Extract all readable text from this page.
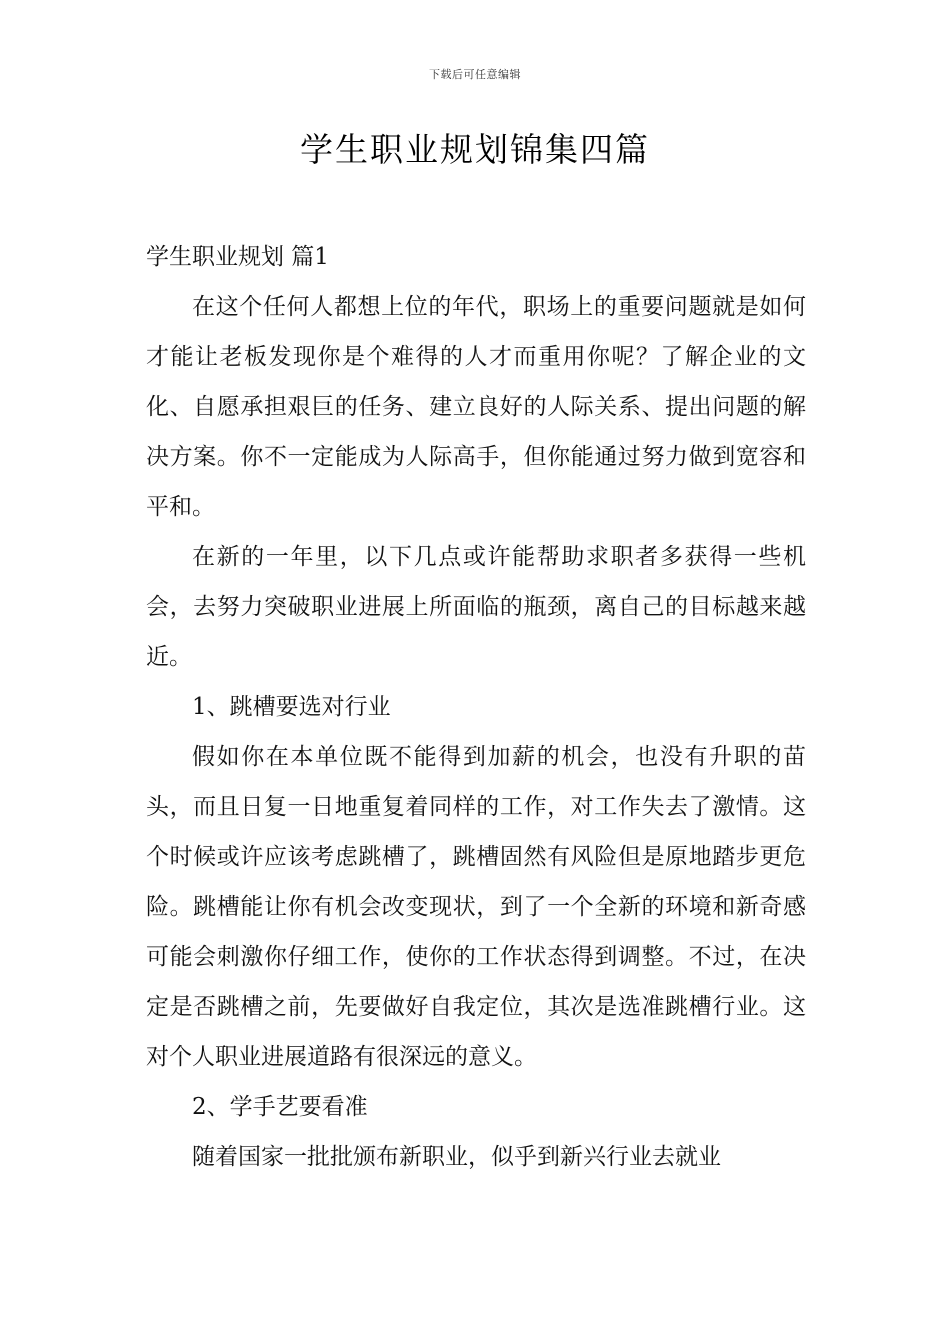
下载后可任意编辑
学生职业规划锦集四篇

学生职业规划 篇1

在这个任何人都想上位的年代，职场上的重要问题就是如何才能让老板发现你是个难得的人才而重用你呢？了解企业的文化、自愿承担艰巨的任务、建立良好的人际关系、提出问题的解决方案。你不一定能成为人际高手，但你能通过努力做到宽容和平和。

在新的一年里，以下几点或许能帮助求职者多获得一些机会，去努力突破职业进展上所面临的瓶颈，离自己的目标越来越近。

1、跳槽要选对行业

假如你在本单位既不能得到加薪的机会，也没有升职的苗头，而且日复一日地重复着同样的工作，对工作失去了激情。这个时候或许应该考虑跳槽了，跳槽固然有风险但是原地踏步更危险。跳槽能让你有机会改变现状，到了一个全新的环境和新奇感可能会刺激你仔细工作，使你的工作状态得到调整。不过，在决定是否跳槽之前，先要做好自我定位，其次是选准跳槽行业。这对个人职业进展道路有很深远的意义。

2、学手艺要看准

随着国家一批批颁布新职业，似乎到新兴行业去就业
